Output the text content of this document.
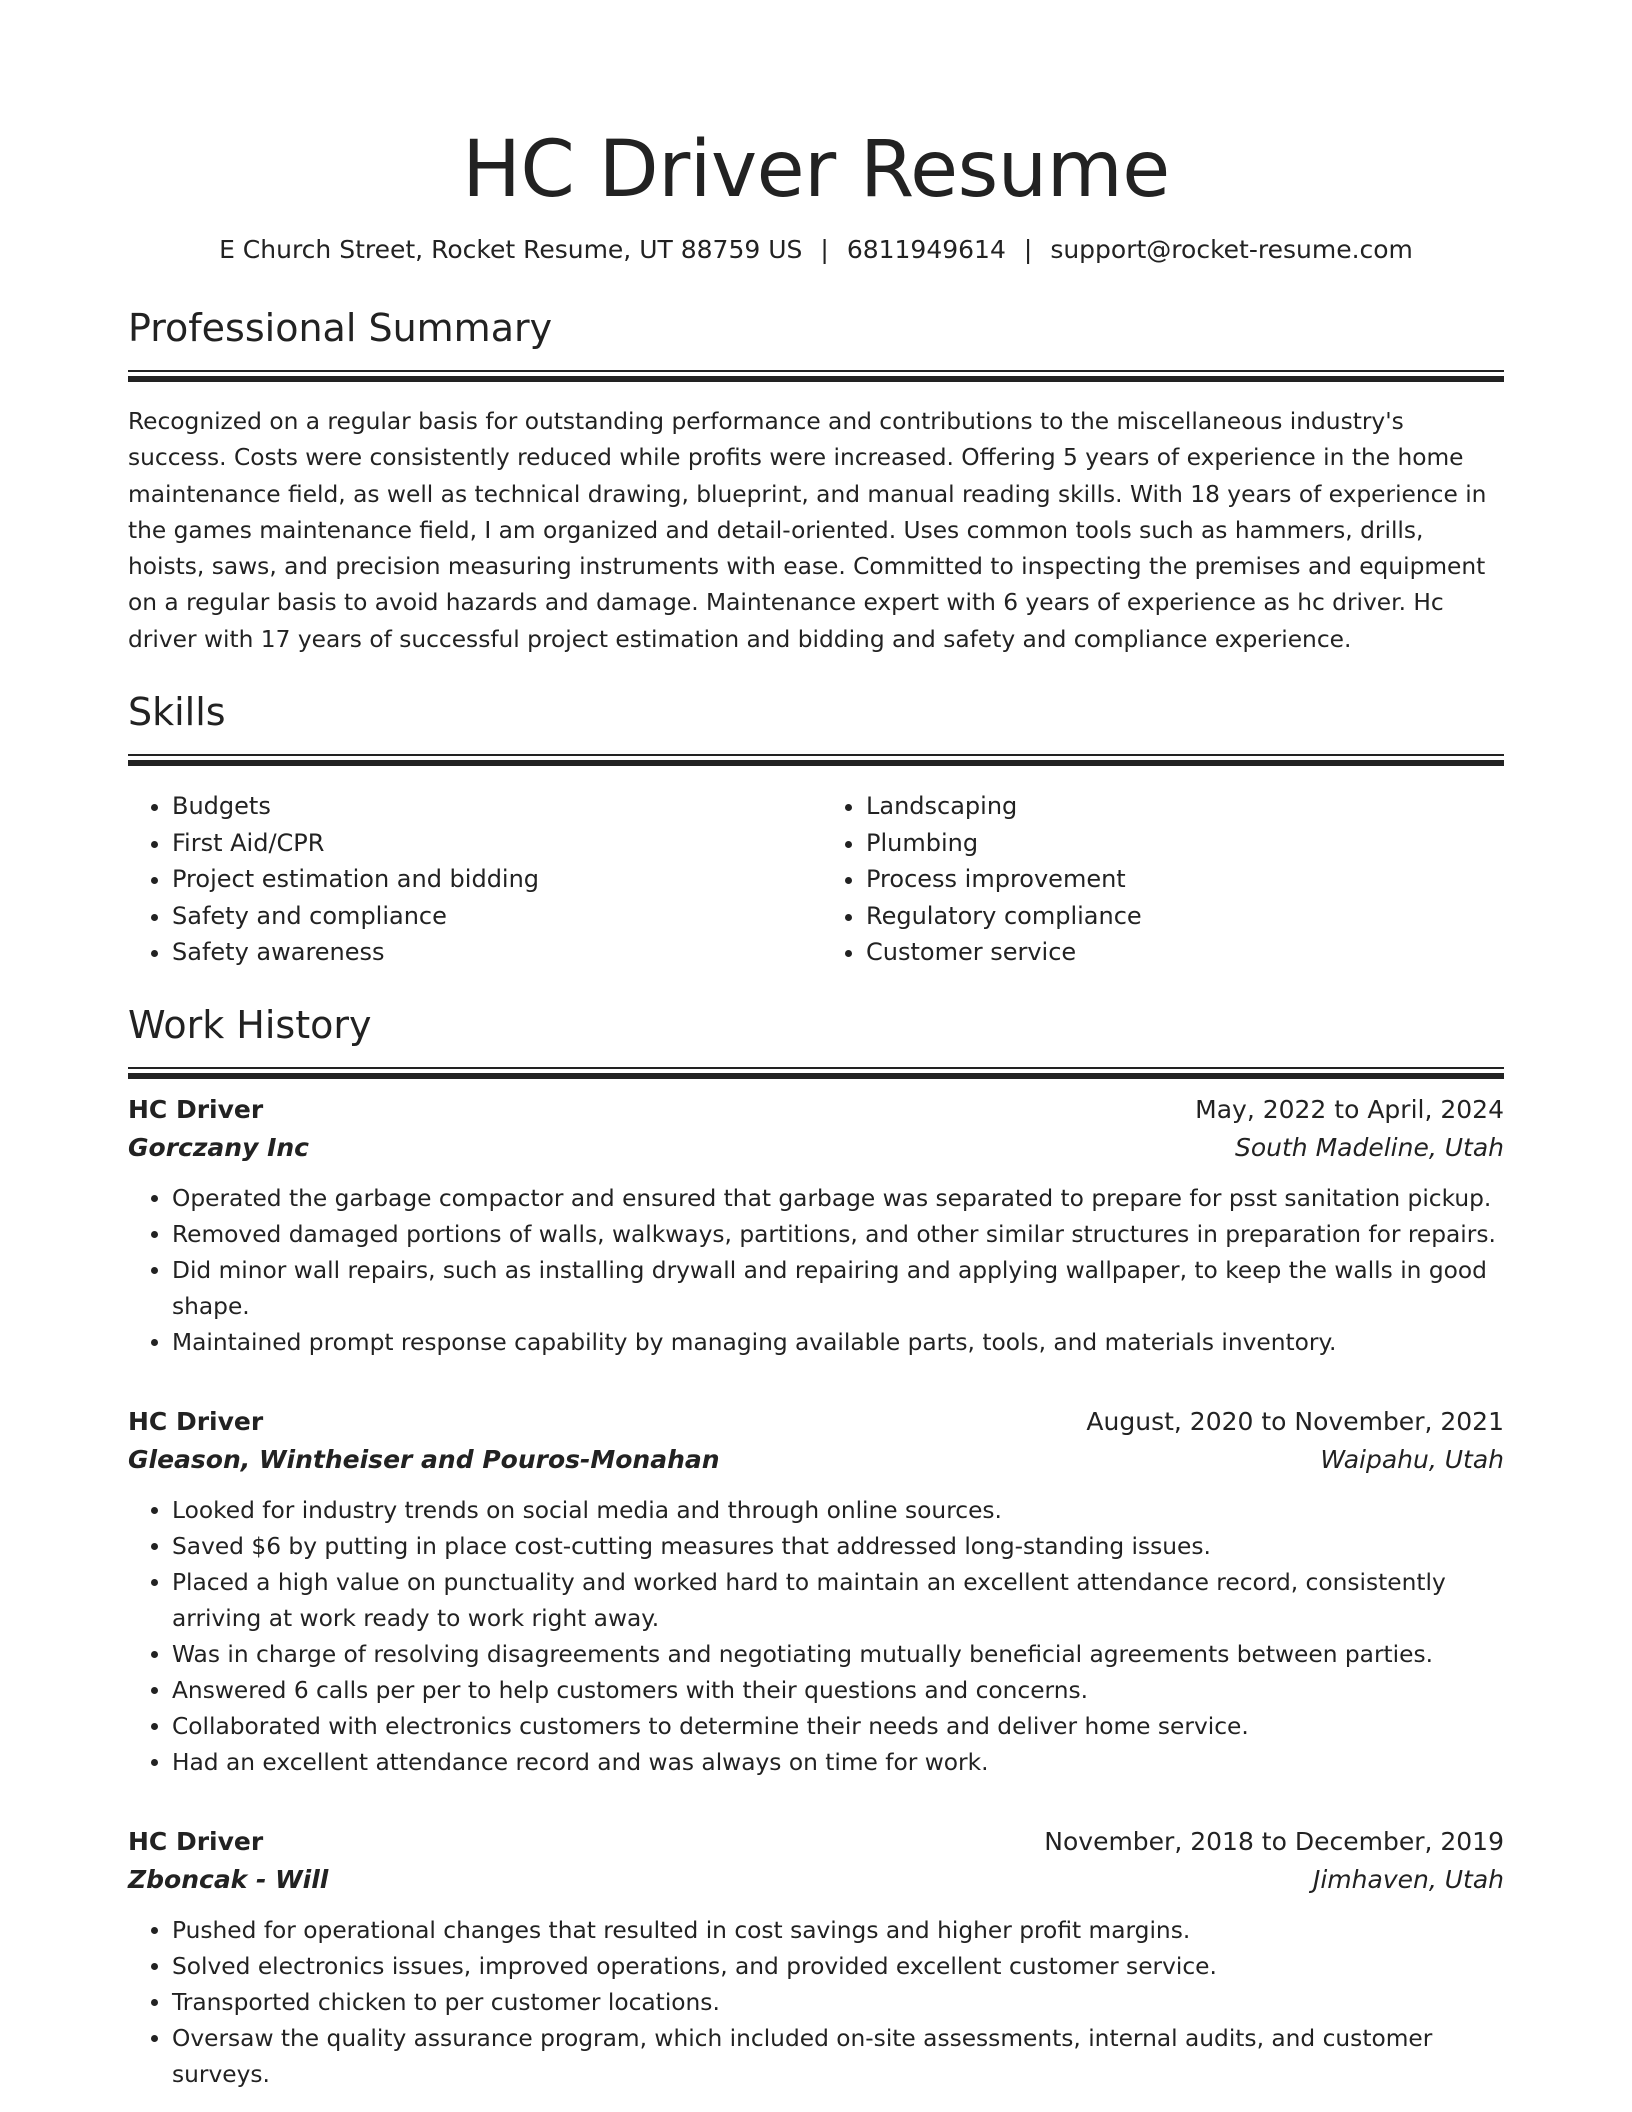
HC Driver Resume
E Church Street, Rocket Resume, UT 88759 US | 6811949614 | support@rocket-resume.com
Professional Summary
Recognized on a regular basis for outstanding performance and contributions to the miscellaneous industry's success. Costs were consistently reduced while profits were increased. Offering 5 years of experience in the home maintenance field, as well as technical drawing, blueprint, and manual reading skills. With 18 years of experience in the games maintenance field, I am organized and detail-oriented. Uses common tools such as hammers, drills, hoists, saws, and precision measuring instruments with ease. Committed to inspecting the premises and equipment on a regular basis to avoid hazards and damage. Maintenance expert with 6 years of experience as hc driver. Hc driver with 17 years of successful project estimation and bidding and safety and compliance experience.
Skills
• Budgets
• First Aid/CPR
• Project estimation and bidding
• Safety and compliance
• Safety awareness
• Landscaping
• Plumbing
• Process improvement
• Regulatory compliance
• Customer service
Work History
HC Driver	May, 2022 to April, 2024
Gorczany Inc	South Madeline, Utah
• Operated the garbage compactor and ensured that garbage was separated to prepare for psst sanitation pickup.
• Removed damaged portions of walls, walkways, partitions, and other similar structures in preparation for repairs.
• Did minor wall repairs, such as installing drywall and repairing and applying wallpaper, to keep the walls in good shape.
• Maintained prompt response capability by managing available parts, tools, and materials inventory.
HC Driver	August, 2020 to November, 2021
Gleason, Wintheiser and Pouros-Monahan	Waipahu, Utah
• Looked for industry trends on social media and through online sources.
• Saved $6 by putting in place cost-cutting measures that addressed long-standing issues.
• Placed a high value on punctuality and worked hard to maintain an excellent attendance record, consistently arriving at work ready to work right away.
• Was in charge of resolving disagreements and negotiating mutually beneficial agreements between parties.
• Answered 6 calls per per to help customers with their questions and concerns.
• Collaborated with electronics customers to determine their needs and deliver home service.
• Had an excellent attendance record and was always on time for work.
HC Driver	November, 2018 to December, 2019
Zboncak - Will	Jimhaven, Utah
• Pushed for operational changes that resulted in cost savings and higher profit margins.
• Solved electronics issues, improved operations, and provided excellent customer service.
• Transported chicken to per customer locations.
• Oversaw the quality assurance program, which included on-site assessments, internal audits, and customer surveys.
